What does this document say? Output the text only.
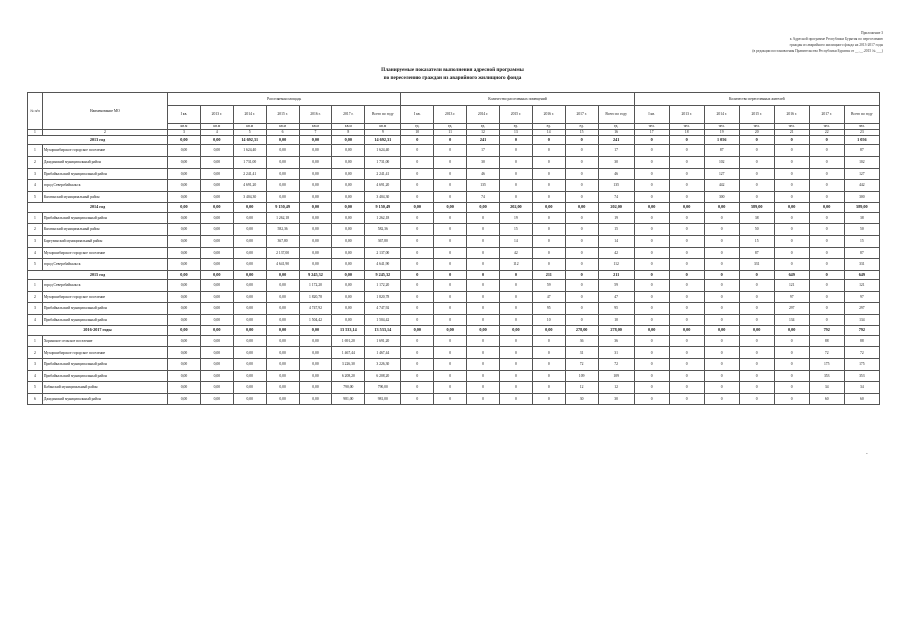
Приложение 3
к Адресной программе Республики Бурятия по переселению
граждан из аварийного жилищного фонда на 2013-2017 годы
(в редакции постановления Правительства Республики Бурятия от __.__.2015 № ___)
Планируемые показатели выполнения адресной программы
по переселению граждан из аварийного жилищного фонда
№ п/п	Наименование МО	Расселяемая площадь							Количество расселенных помещений							Количество переселенных жителей						
		I кв.	2013 г.	2014 г.	2015 г.	2016 г.	2017 г.	Всего по году	I кв.	2013 г.	2014 г.	2015 г.	2016 г.	2017 г.	Всего по году	I кв.	2013 г.	2014 г.	2015 г.	2016 г.	2017 г.	Всего по году
		кв.м	кв.м	кв.м	кв.м	кв.м	кв.м	кв.м	ед.	ед.	ед.	ед.	ед.	ед.	ед.	чел.	чел.	чел.	чел.	чел.	чел.	чел.
1	2	3	4	5	6	7	8	9	10	11	12	13	14	15	16	17	18	19	20	21	22	23
2013 год		0,00	0,00	14 692,31	0,00	0,00	0,00	14 692,31	0	0	241	0	0	0	241	0	0	1 056	0	0	0	1 056
1	Мухоршибирское городское поселение	0,00	0,00	1 624,40	0,00	0,00	0,00	1 624,40	0	0	17	0	0	0	17	0	0	87	0	0	0	87
2	Джидинский муниципальный район	0,00	0,00	1 731,00	0,00	0,00	0,00	1 731,00	0	0	30	0	0	0	30	0	0	102	0	0	0	102
3	Прибайкальский муниципальный район	0,00	0,00	2 241,41	0,00	0,00	0,00	2 241,41	0	0	46	0	0	0	46	0	0	127	0	0	0	127
4	город Северобайкальск	0,00	0,00	4 691,20	0,00	0,00	0,00	4 691,20	0	0	135	0	0	0	135	0	0	442	0	0	0	442
5	Кяхтинский муниципальный район	0,00	0,00	3 404,30	0,00	0,00	0,00	3 404,30	0	0	74	0	0	0	74	0	0	300	0	0	0	300
2014 год		0,00	0,00	0,00	9 150,49	0,00	0,00	9 150,49	0,00	0,00	0,00	202,00	0,00	0,00	202,00	0,00	0,00	0,00	589,00	0,00	0,00	589,00
1	Прибайкальский муниципальный район	0,00	0,00	0,00	1 262,18	0,00	0,00	1 262,18	0	0	0	19	0	0	19	0	0	0	38	0	0	38
2	Кяхтинский муниципальный район	0,00	0,00	0,00	582,36	0,00	0,00	582,36	0	0	0	15	0	0	15	0	0	0	50	0	0	50
3	Баргузинский муниципальный район	0,00	0,00	0,00	367,80	0,00	0,00	367,80	0	0	0	14	0	0	14	0	0	0	15	0	0	15
4	Мухоршибирское городское поселение	0,00	0,00	0,00	2 137,00	0,00	0,00	2 137,00	0	0	0	42	0	0	42	0	0	0	87	0	0	87
5	город Северобайкальск	0,00	0,00	0,00	4 641,90	0,00	0,00	4 641,90	0	0	0	112	0	0	112	0	0	0	331	0	0	331
2015 год		0,00	0,00	0,00	0,00	9 245,32	0,00	9 245,32	0	0	0	0	211	0	211	0	0	0	0	649	0	649
1	город Северобайкальск	0,00	0,00	0,00	0,00	1 172,20	0,00	1 172,20	0	0	0	0	59	0	59	0	0	0	0	121	0	121
2	Мухоршибирское городское поселение	0,00	0,00	0,00	0,00	1 820,78	0,00	1 820,78	0	0	0	0	47	0	47	0	0	0	0	97	0	97
3	Прибайкальский муниципальный район	0,00	0,00	0,00	0,00	4 747,92	0,00	4 747,92	0	0	0	0	95	0	95	0	0	0	0	297	0	297
4	Прибайкальский муниципальный район	0,00	0,00	0,00	0,00	1 504,42	0,00	1 504,42	0	0	0	0	10	0	10	0	0	0	0	134	0	134
2016-2017 годы		0,00	0,00	0,00	0,00	0,00	13 533,14	13 533,14	0,00	0,00	0,00	0,00	0,00	278,00	278,00	0,00	0,00	0,00	0,00	0,00	792	792
1	Хоринское сельское поселение	0,00	0,00	0,00	0,00	0,00	1 691,20	1 691,20	0	0	0	0	0	36	36	0	0	0	0	0	88	88
2	Мухоршибирское городское поселение	0,00	0,00	0,00	0,00	0,00	1 467,44	1 467,44	0	0	0	0	0	31	31	0	0	0	0	0	72	72
3	Прибайкальский муниципальный район	0,00	0,00	0,00	0,00	0,00	3 226,30	3 226,30	0	0	0	0	0	72	72	0	0	0	0	0	175	175
4	Прибайкальский муниципальный район	0,00	0,00	0,00	0,00	0,00	6 208,20	6 208,20	0	0	0	0	0	109	109	0	0	0	0	0	353	353
5	Кабанский муниципальный район	0,00	0,00	0,00	0,00	0,00	790,00	790,00	0	0	0	0	0	12	12	0	0	0	0	0	34	34
6	Джидинский муниципальный район	0,00	0,00	0,00	0,00	0,00	981,00	981,00	0	0	0	0	0	30	30	0	0	0	0	0	60	60
-
